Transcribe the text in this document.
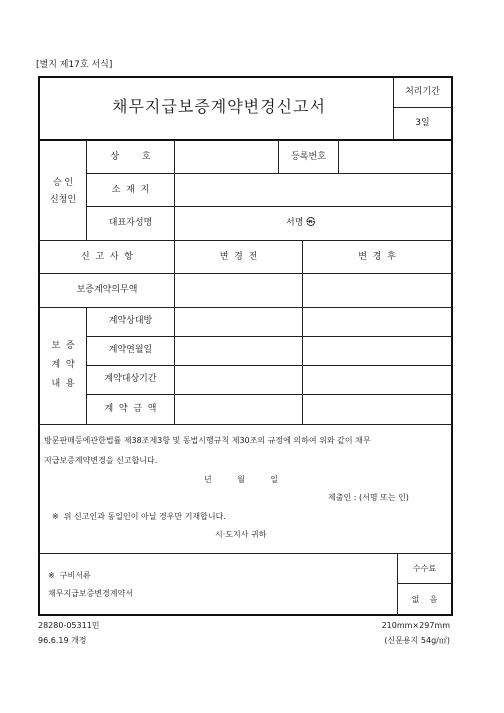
[별지 제17호 서식]
채무지급보증계약변경신고서
처리기간
3일
승 인
신청인
상        호	등록번호
소  재  지
대표자성명	서명 ㉿
신  고  사  항	변  경  전	변  경  후
보증계약의무액
보  증
계  약
내  용
계약상대방
계약연월일
계약대상기간
계  약  금  액
방문판매등에관한법률 제38조제3항 및 동법시행규칙 제30조의 규정에 의하여 위와 같이 채무
지급보증계약변경을 신고합니다.
년          월          일
제출인 : (서명 또는 인)
※  위 신고인과 동일인이 아닐 경우만 기재합니다.
시·도지사 귀하
※  구비서류
채무지급보증변경계약서
수수료
없    음
28280-05311민
96.6.19 개정
210mm×297mm
(신문용지 54g/㎡)
